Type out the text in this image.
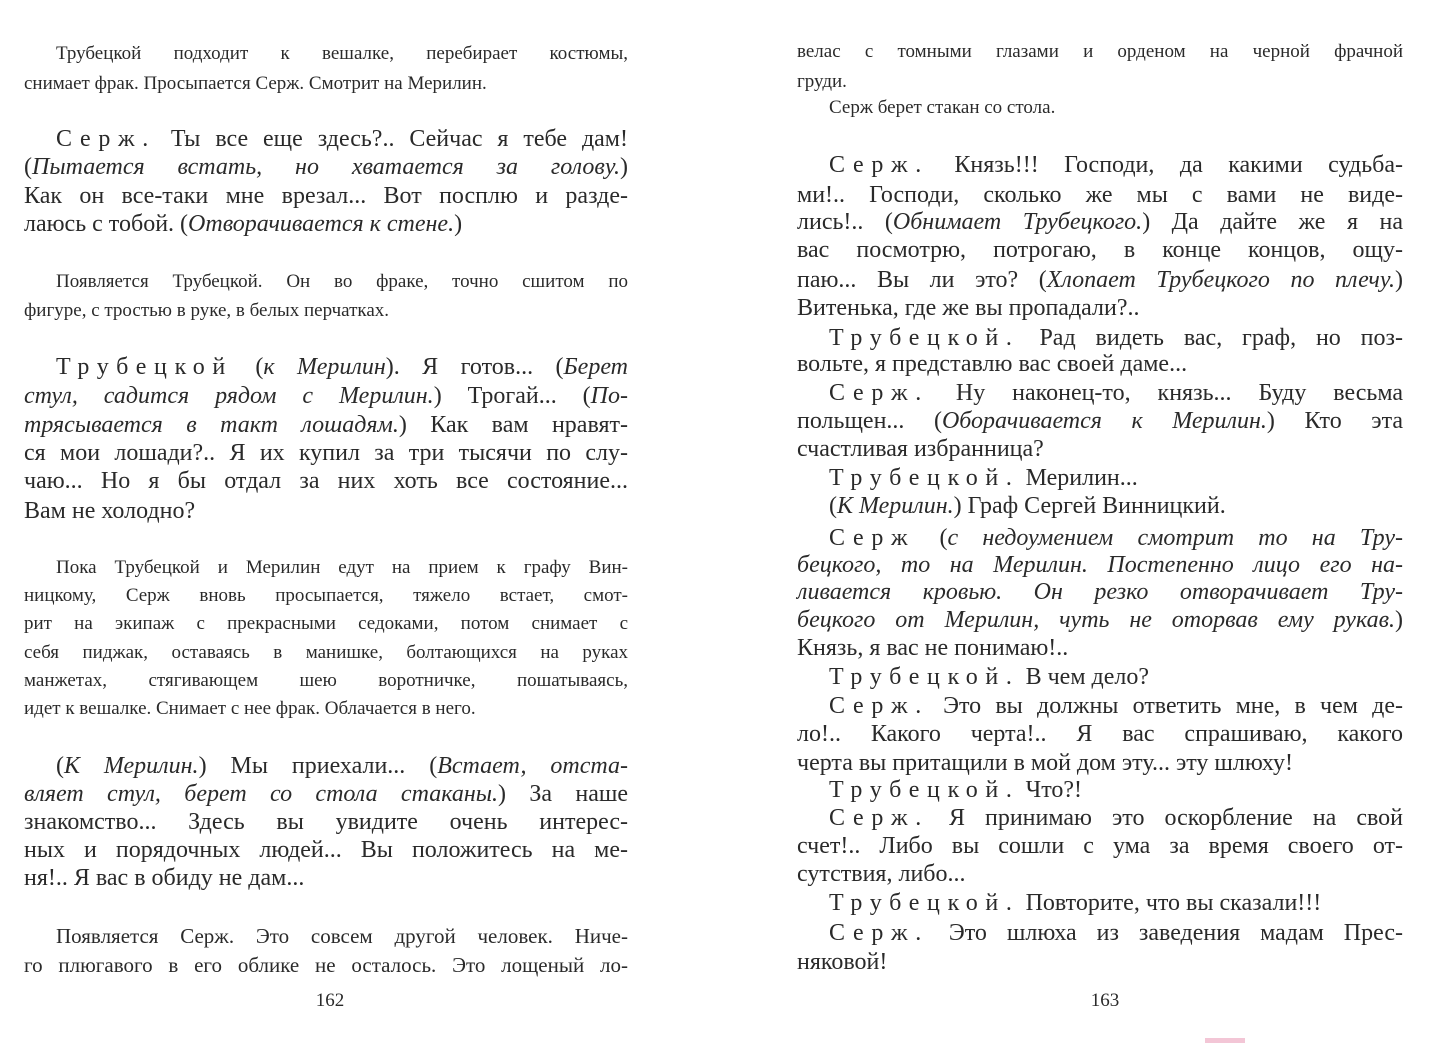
162
Трубецкой подходит к вешалке, перебирает костюмы,
снимает фрак. Просыпается Серж. Смотрит на Мерилин.
Серж. Ты все еще здесь?.. Сейчас я тебе дам!
(Пытается встать, но хватается за голову.)
Как он все-таки мне врезал... Вот посплю и разде-
лаюсь с тобой. (Отворачивается к стене.)
Появляется Трубецкой. Он во фраке, точно сшитом по
фигуре, с тростью в руке, в белых перчатках.
Трубецкой (к Мерилин). Я готов... (Берет
стул, садится рядом с Мерилин.) Трогай... (По-
трясывается в такт лошадям.) Как вам нравят-
ся мои лошади?.. Я их купил за три тысячи по слу-
чаю... Но я бы отдал за них хоть все состояние...
Вам не холодно?
Пока Трубецкой и Мерилин едут на прием к графу Вин-
ницкому, Серж вновь просыпается, тяжело встает, смот-
рит на экипаж с прекрасными седоками, потом снимает с
себя пиджак, оставаясь в манишке, болтающихся на руках
манжетах, стягивающем шею воротничке, пошатываясь,
идет к вешалке. Снимает с нее фрак. Облачается в него.
(К Мерилин.) Мы приехали... (Встает, отста-
вляет стул, берет со стола стаканы.) За наше
знакомство... Здесь вы увидите очень интерес-
ных и порядочных людей... Вы положитесь на ме-
ня!.. Я вас в обиду не дам...
Появляется Серж. Это совсем другой человек. Ниче-
го плюгавого в его облике не осталось. Это лощеный ло-
163
велас с томными глазами и орденом на черной фрачной
груди.
Серж берет стакан со стола.
Серж. Князь!!! Господи, да какими судьба-
ми!.. Господи, сколько же мы с вами не виде-
лись!.. (Обнимает Трубецкого.) Да дайте же я на
вас посмотрю, потрогаю, в конце концов, ощу-
паю... Вы ли это? (Хлопает Трубецкого по плечу.)
Витенька, где же вы пропадали?..
Трубецкой. Рад видеть вас, граф, но поз-
вольте, я представлю вас своей даме...
Серж. Ну наконец-то, князь... Буду весьма
польщен... (Оборачивается к Мерилин.) Кто эта
счастливая избранница?
Трубецкой. Мерилин...
(К Мерилин.) Граф Сергей Винницкий.
Серж (с недоумением смотрит то на Тру-
бецкого, то на Мерилин. Постепенно лицо его на-
ливается кровью. Он резко отворачивает Тру-
бецкого от Мерилин, чуть не оторвав ему рукав.)
Князь, я вас не понимаю!..
Трубецкой. В чем дело?
Серж. Это вы должны ответить мне, в чем де-
ло!.. Какого черта!.. Я вас спрашиваю, какого
черта вы притащили в мой дом эту... эту шлюху!
Трубецкой. Что?!
Серж. Я принимаю это оскорбление на свой
счет!.. Либо вы сошли с ума за время своего от-
сутствия, либо...
Трубецкой. Повторите, что вы сказали!!!
Серж. Это шлюха из заведения мадам Прес-
няковой!
